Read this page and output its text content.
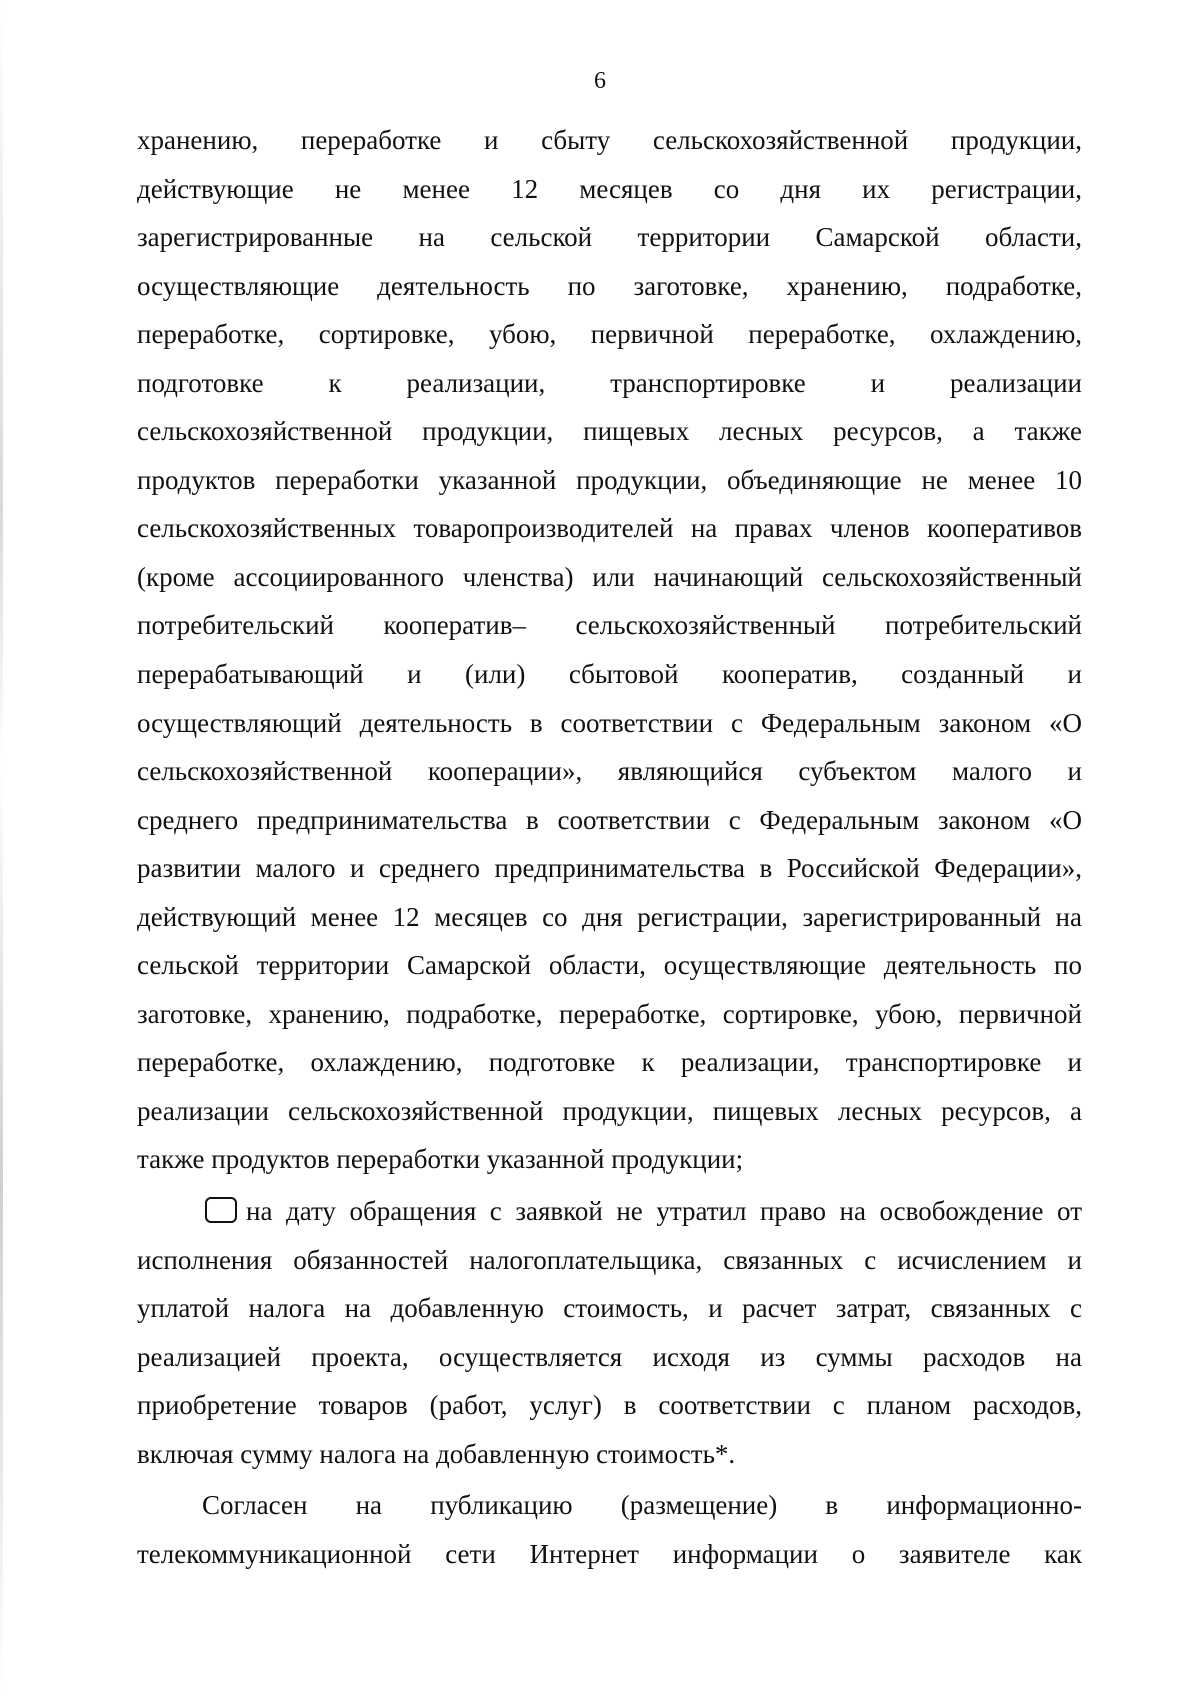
6
хранению, переработке и сбыту сельскохозяйственной продукции,
действующие не менее 12 месяцев со дня их регистрации,
зарегистрированные на сельской территории Самарской области,
осуществляющие деятельность по заготовке, хранению, подработке,
переработке, сортировке, убою, первичной переработке, охлаждению,
подготовке к реализации, транспортировке и реализации
сельскохозяйственной продукции, пищевых лесных ресурсов, а также
продуктов переработки указанной продукции, объединяющие не менее 10
сельскохозяйственных товаропроизводителей на правах членов кооперативов
(кроме ассоциированного членства) или начинающий сельскохозяйственный
потребительский кооператив– сельскохозяйственный потребительский
перерабатывающий и (или) сбытовой кооператив, созданный и
осуществляющий деятельность в соответствии с Федеральным законом «О
сельскохозяйственной кооперации», являющийся субъектом малого и
среднего предпринимательства в соответствии с Федеральным законом «О
развитии малого и среднего предпринимательства в Российской Федерации»,
действующий менее 12 месяцев со дня регистрации, зарегистрированный на
сельской территории Самарской области, осуществляющие деятельность по
заготовке, хранению, подработке, переработке, сортировке, убою, первичной
переработке, охлаждению, подготовке к реализации, транспортировке и
реализации сельскохозяйственной продукции, пищевых лесных ресурсов, а
также продуктов переработки указанной продукции;
на дату обращения с заявкой не утратил право на освобождение от
исполнения обязанностей налогоплательщика, связанных с исчислением и
уплатой налога на добавленную стоимость, и расчет затрат, связанных с
реализацией проекта, осуществляется исходя из суммы расходов на
приобретение товаров (работ, услуг) в соответствии с планом расходов,
включая сумму налога на добавленную стоимость*.
Согласен на публикацию (размещение) в информационно-
телекоммуникационной сети Интернет информации о заявителе как
